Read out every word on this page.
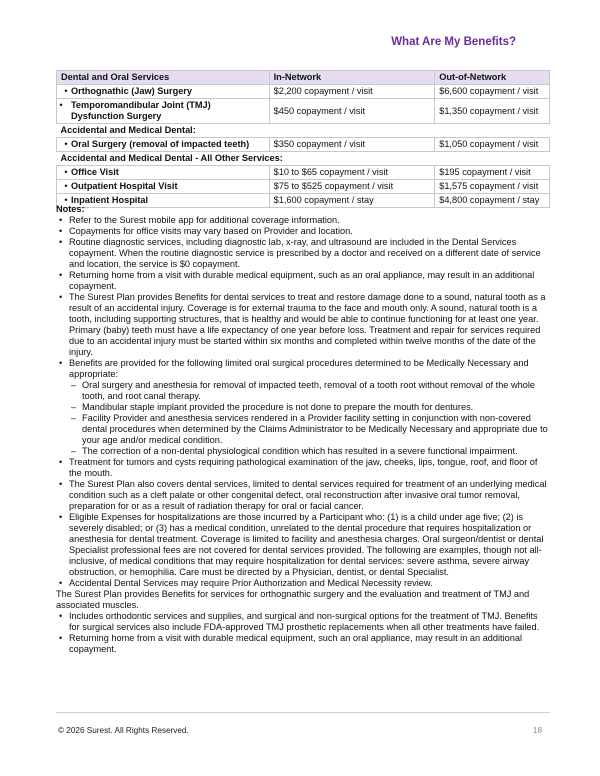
What Are My Benefits?
Dental and Oral Services	In-Network	Out-of-Network
• Orthognathic (Jaw) Surgery	$2,200 copayment / visit	$6,600 copayment / visit
• Temporomandibular Joint (TMJ) Dysfunction Surgery	$450 copayment / visit	$1,350 copayment / visit
Accidental and Medical Dental:		
• Oral Surgery (removal of impacted teeth)	$350 copayment / visit	$1,050 copayment / visit
Accidental and Medical Dental - All Other Services:		
• Office Visit	$10 to $65 copayment / visit	$195 copayment / visit
• Outpatient Hospital Visit	$75 to $525 copayment / visit	$1,575 copayment / visit
• Inpatient Hospital	$1,600 copayment / stay	$4,800 copayment / stay
Notes:
• Refer to the Surest mobile app for additional coverage information.
• Copayments for office visits may vary based on Provider and location.
• Routine diagnostic services, including diagnostic lab, x-ray, and ultrasound are included in the Dental Services copayment. When the routine diagnostic service is prescribed by a doctor and received on a different date of service and location, the service is $0 copayment.
• Returning home from a visit with durable medical equipment, such as an oral appliance, may result in an additional copayment.
• The Surest Plan provides Benefits for dental services to treat and restore damage done to a sound, natural tooth as a result of an accidental injury. Coverage is for external trauma to the face and mouth only. A sound, natural tooth is a tooth, including supporting structures, that is healthy and would be able to continue functioning for at least one year. Primary (baby) teeth must have a life expectancy of one year before loss. Treatment and repair for services required due to an accidental injury must be started within six months and completed within twelve months of the date of the injury.
• Benefits are provided for the following limited oral surgical procedures determined to be Medically Necessary and appropriate:
– Oral surgery and anesthesia for removal of impacted teeth, removal of a tooth root without removal of the whole tooth, and root canal therapy.
– Mandibular staple implant provided the procedure is not done to prepare the mouth for dentures.
– Facility Provider and anesthesia services rendered in a Provider facility setting in conjunction with non-covered dental procedures when determined by the Claims Administrator to be Medically Necessary and appropriate due to your age and/or medical condition.
– The correction of a non-dental physiological condition which has resulted in a severe functional impairment.
• Treatment for tumors and cysts requiring pathological examination of the jaw, cheeks, lips, tongue, roof, and floor of the mouth.
• The Surest Plan also covers dental services, limited to dental services required for treatment of an underlying medical condition such as a cleft palate or other congenital defect, oral reconstruction after invasive oral tumor removal, preparation for or as a result of radiation therapy for oral or facial cancer.
• Eligible Expenses for hospitalizations are those incurred by a Participant who: (1) is a child under age five; (2) is severely disabled; or (3) has a medical condition, unrelated to the dental procedure that requires hospitalization or anesthesia for dental treatment. Coverage is limited to facility and anesthesia charges. Oral surgeon/dentist or dental Specialist professional fees are not covered for dental services provided. The following are examples, though not all-inclusive, of medical conditions that may require hospitalization for dental services: severe asthma, severe airway obstruction, or hemophilia. Care must be directed by a Physician, dentist, or dental Specialist.
• Accidental Dental Services may require Prior Authorization and Medical Necessity review.
The Surest Plan provides Benefits for services for orthognathic surgery and the evaluation and treatment of TMJ and associated muscles.
• Includes orthodontic services and supplies, and surgical and non-surgical options for the treatment of TMJ. Benefits for surgical services also include FDA-approved TMJ prosthetic replacements when all other treatments have failed.
• Returning home from a visit with durable medical equipment, such an oral appliance, may result in an additional copayment.
© 2026 Surest. All Rights Reserved.	18
